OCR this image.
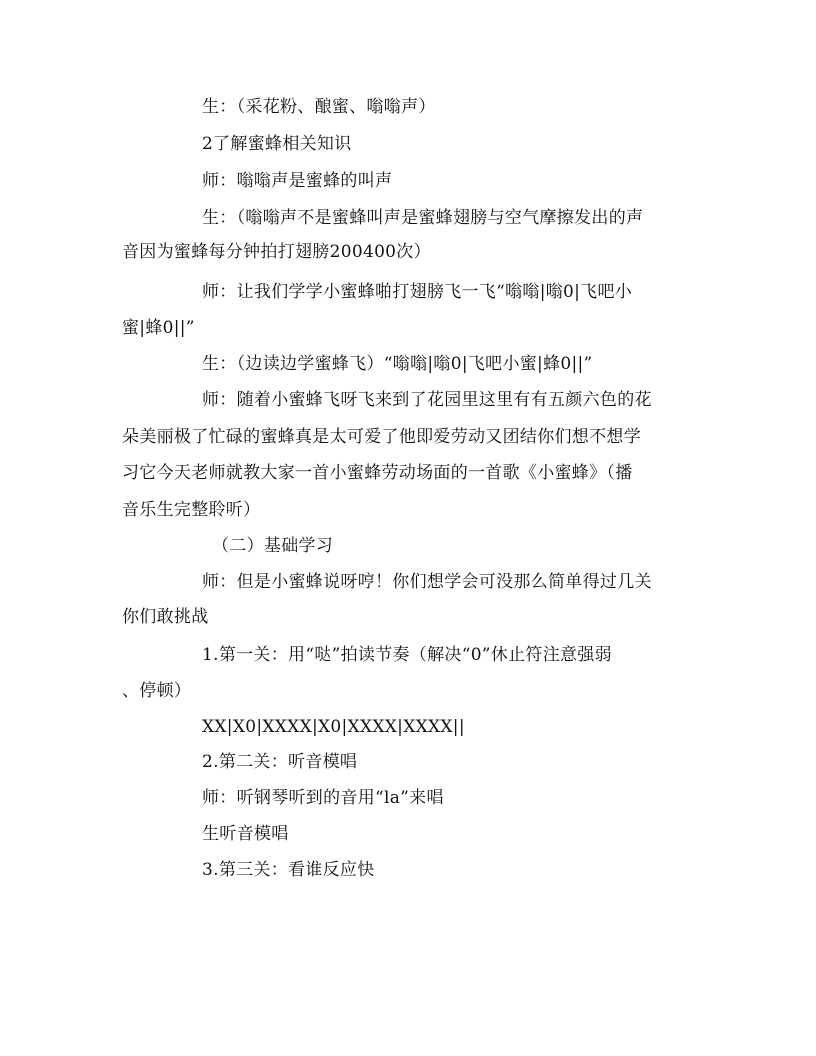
生：（采花粉、酿蜜、嗡嗡声）
2了解蜜蜂相关知识
师：嗡嗡声是蜜蜂的叫声
生：（嗡嗡声不是蜜蜂叫声是蜜蜂翅膀与空气摩擦发出的声
音因为蜜蜂每分钟拍打翅膀200400次）
师：让我们学学小蜜蜂啪打翅膀飞一飞“嗡嗡|嗡0|飞吧小
蜜|蜂0||”
生：（边读边学蜜蜂飞）“嗡嗡|嗡0|飞吧小蜜|蜂0||”
师：随着小蜜蜂飞呀飞来到了花园里这里有有五颜六色的花
朵美丽极了忙碌的蜜蜂真是太可爱了他即爱劳动又团结你们想不想学
习它今天老师就教大家一首小蜜蜂劳动场面的一首歌《小蜜蜂》（播
音乐生完整聆听）
（二）基础学习
师：但是小蜜蜂说呀哼！你们想学会可没那么简单得过几关
你们敢挑战
1.第一关：用“哒”拍读节奏（解决“0”休止符注意强弱
、停顿）
XX|X0|XXXX|X0|XXXX|XXXX||
2.第二关：听音模唱
师：听钢琴听到的音用“la”来唱
生听音模唱
3.第三关：看谁反应快
